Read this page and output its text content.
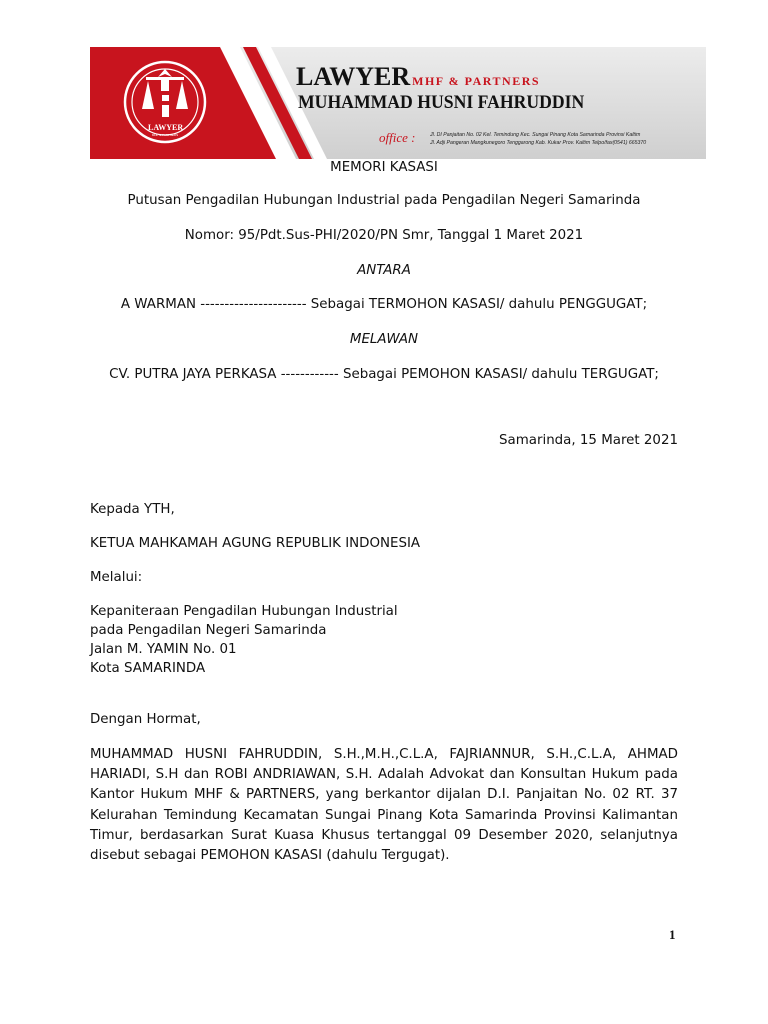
LAWYER
MHF & PARTNERS
LAWYER MHF & PARTNERS
MUHAMMAD HUSNI FAHRUDDIN
office :	Jl. DI Panjaitan No. 02 Kel. Temindung Kec. Sungai Pinang Kota Samarinda Provinsi Kaltim
Jl. Adji Pangeran Mangkunegoro Tenggarong Kab. Kukar Prov. Kaltim Telpo/fax(0541) 665370
MEMORI KASASI
Putusan Pengadilan Hubungan Industrial pada Pengadilan Negeri Samarinda
Nomor: 95/Pdt.Sus-PHI/2020/PN Smr, Tanggal 1 Maret 2021
ANTARA
A WARMAN ---------------------- Sebagai TERMOHON KASASI/ dahulu PENGGUGAT;
MELAWAN
CV. PUTRA JAYA PERKASA ------------ Sebagai PEMOHON KASASI/ dahulu TERGUGAT;
Samarinda, 15 Maret 2021
Kepada YTH,
KETUA MAHKAMAH AGUNG REPUBLIK INDONESIA
Melalui:
Kepaniteraan Pengadilan Hubungan Industrial
pada Pengadilan Negeri Samarinda
Jalan M. YAMIN No. 01
Kota SAMARINDA
Dengan Hormat,
MUHAMMAD HUSNI FAHRUDDIN, S.H.,M.H.,C.L.A, FAJRIANNUR, S.H.,C.L.A, AHMAD HARIADI, S.H dan ROBI ANDRIAWAN, S.H. Adalah Advokat dan Konsultan Hukum pada Kantor Hukum MHF & PARTNERS, yang berkantor dijalan D.I. Panjaitan No. 02 RT. 37 Kelurahan Temindung Kecamatan Sungai Pinang Kota Samarinda Provinsi Kalimantan Timur, berdasarkan Surat Kuasa Khusus tertanggal 09 Desember 2020, selanjutnya disebut sebagai PEMOHON KASASI (dahulu Tergugat).
1
